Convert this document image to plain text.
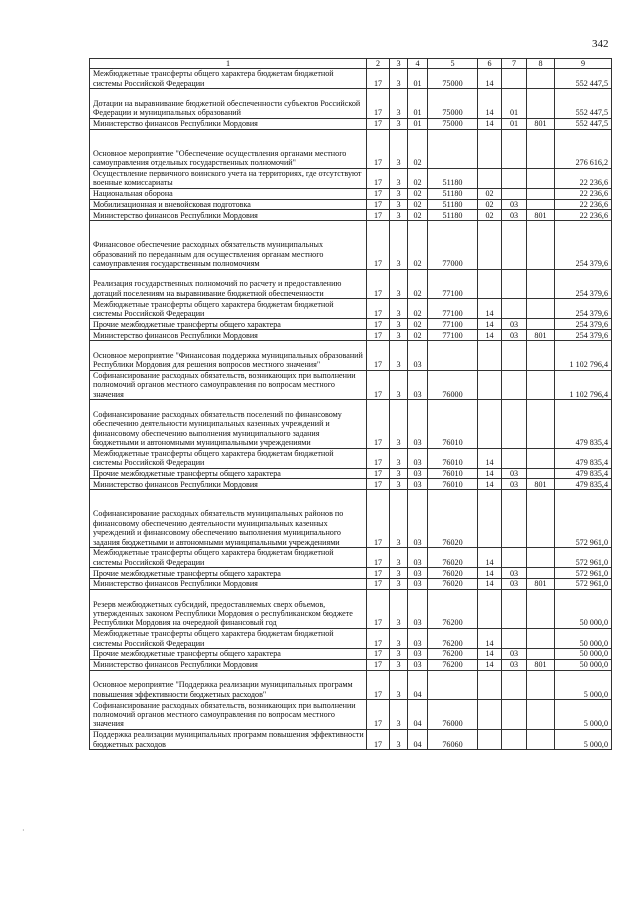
342
1	2	3	4	5	6	7	8	9
Межбюджетные трансферты общего характера бюджетам бюджетной системы Российской Федерации	17	3	01	75000	14			552 447,5
Дотации на выравнивание бюджетной обеспеченности субъектов Российской Федерации и муниципальных образований	17	3	01	75000	14	01		552 447,5
Министерство финансов Республики Мордовия	17	3	01	75000	14	01	801	552 447,5
Основное мероприятие "Обеспечение осуществления органами местного самоуправления отдельных государственных полномочий"	17	3	02					276 616,2
Осуществление первичного воинского учета на территориях, где отсутствуют военные комиссариаты	17	3	02	51180				22 236,6
Национальная оборона	17	3	02	51180	02			22 236,6
Мобилизационная и вневойсковая подготовка	17	3	02	51180	02	03		22 236,6
Министерство финансов Республики Мордовия	17	3	02	51180	02	03	801	22 236,6
Финансовое обеспечение расходных обязательств муниципальных образований по переданным для осуществления органам местного самоуправления государственным полномочиям	17	3	02	77000				254 379,6
Реализация государственных полномочий по расчету и предоставлению дотаций поселениям на выравнивание бюджетной обеспеченности	17	3	02	77100				254 379,6
Межбюджетные трансферты общего характера бюджетам бюджетной системы Российской Федерации	17	3	02	77100	14			254 379,6
Прочие межбюджетные трансферты общего характера	17	3	02	77100	14	03		254 379,6
Министерство финансов Республики Мордовия	17	3	02	77100	14	03	801	254 379,6
Основное мероприятие "Финансовая поддержка муниципальных образований Республики Мордовия для решения вопросов местного значения"	17	3	03					1 102 796,4
Софинансирование расходных обязательств, возникающих при выполнении полномочий органов местного самоуправления по вопросам местного значения	17	3	03	76000				1 102 796,4
Софинансирование расходных обязательств поселений по финансовому обеспечению деятельности муниципальных казенных учреждений и финансовому обеспечению выполнения муниципального задания бюджетными и автономными муниципальными учреждениями	17	3	03	76010				479 835,4
Межбюджетные трансферты общего характера бюджетам бюджетной системы Российской Федерации	17	3	03	76010	14			479 835,4
Прочие межбюджетные трансферты общего характера	17	3	03	76010	14	03		479 835,4
Министерство финансов Республики Мордовия	17	3	03	76010	14	03	801	479 835,4
Софинансирование расходных обязательств муниципальных районов по финансовому обеспечению деятельности муниципальных казенных учреждений и финансовому обеспечению выполнения муниципального задания бюджетными и автономными муниципальными учреждениями	17	3	03	76020				572 961,0
Межбюджетные трансферты общего характера бюджетам бюджетной системы Российской Федерации	17	3	03	76020	14			572 961,0
Прочие межбюджетные трансферты общего характера	17	3	03	76020	14	03		572 961,0
Министерство финансов Республики Мордовия	17	3	03	76020	14	03	801	572 961,0
Резерв межбюджетных субсидий, предоставляемых сверх объемов, утвержденных законом Республики Мордовия о республиканском бюджете Республики Мордовия на очередной финансовый год	17	3	03	76200				50 000,0
Межбюджетные трансферты общего характера бюджетам бюджетной системы Российской Федерации	17	3	03	76200	14			50 000,0
Прочие межбюджетные трансферты общего характера	17	3	03	76200	14	03		50 000,0
Министерство финансов Республики Мордовия	17	3	03	76200	14	03	801	50 000,0
Основное мероприятие "Поддержка реализации муниципальных программ повышения эффективности бюджетных расходов"	17	3	04					5 000,0
Софинансирование расходных обязательств, возникающих при выполнении полномочий органов местного самоуправления по вопросам местного значения	17	3	04	76000				5 000,0
Поддержка реализации муниципальных программ повышения эффективности бюджетных расходов	17	3	04	76060				5 000,0
·
